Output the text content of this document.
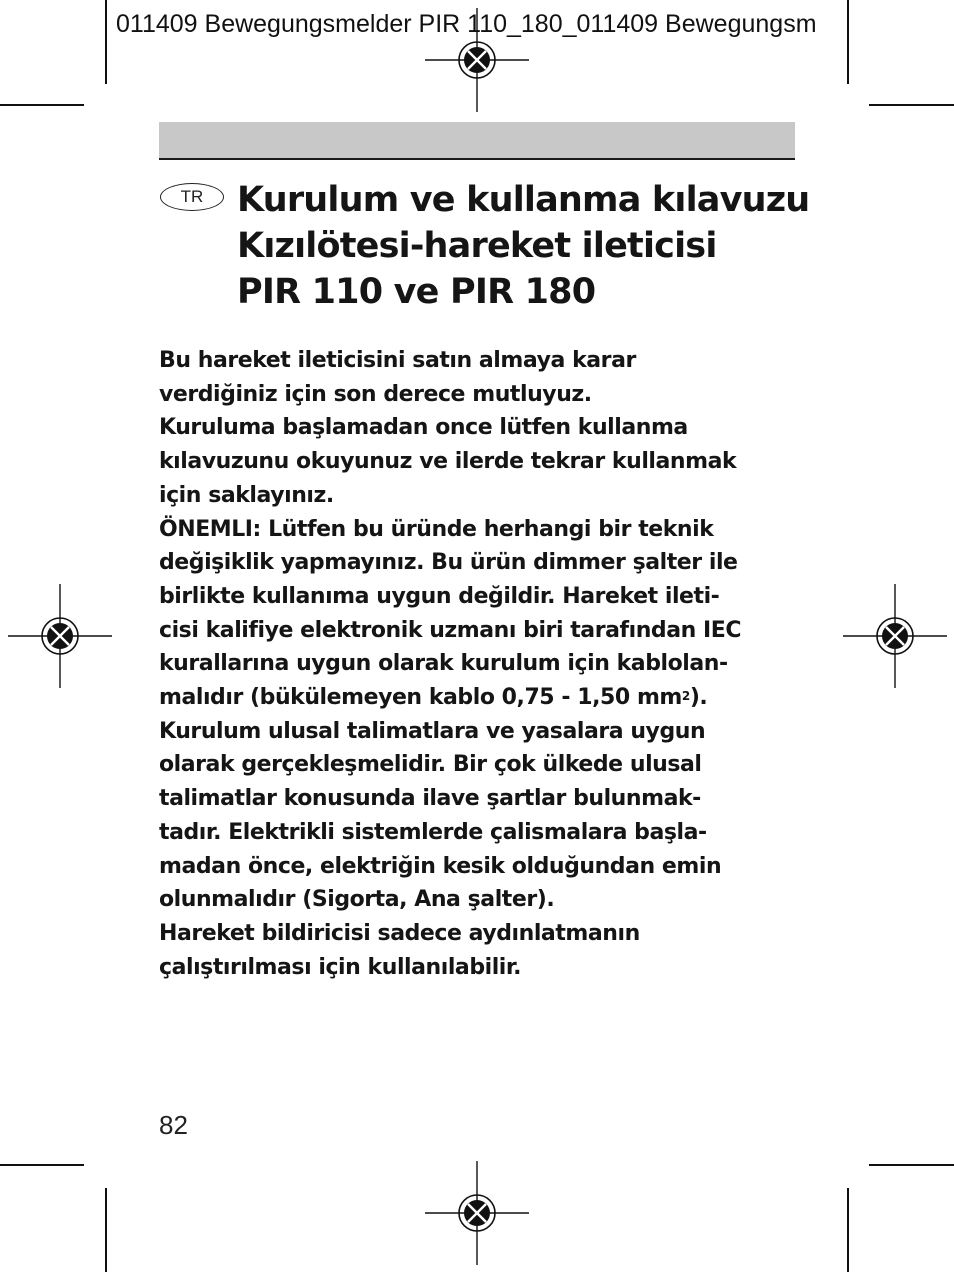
011409 Bewegungsmelder PIR 110_180_011409 Bewegungsm
TR Kurulum ve kullanma kılavuzu
Kızılötesi-hareket ileticisi
PIR 110 ve PIR 180
Bu hareket ileticisini satın almaya karar
verdiğiniz için son derece mutluyuz.
Kuruluma başlamadan once lütfen kullanma
kılavuzunu okuyunuz ve ilerde tekrar kullanmak
için saklayınız.
ÖNEMLI: Lütfen bu üründe herhangi bir teknik
değişiklik yapmayınız. Bu ürün dimmer şalter ile
birlikte kullanıma uygun değildir. Hareket ileti-
cisi kalifiye elektronik uzmanı biri tarafından IEC
kurallarına uygun olarak kurulum için kablolan-
malıdır (bükülemeyen kablo 0,75 - 1,50 $mm^2$).
Kurulum ulusal talimatlara ve yasalara uygun
olarak gerçekleşmelidir. Bir çok ülkede ulusal
talimatlar konusunda ilave şartlar bulunmak-
tadır. Elektrikli sistemlerde çalismalara başla-
madan önce, elektriğin kesik olduğundan emin
olunmalıdır (Sigorta, Ana şalter).
Hareket bildiricisi sadece aydınlatmanın
çalıştırılması için kullanılabilir.
82
